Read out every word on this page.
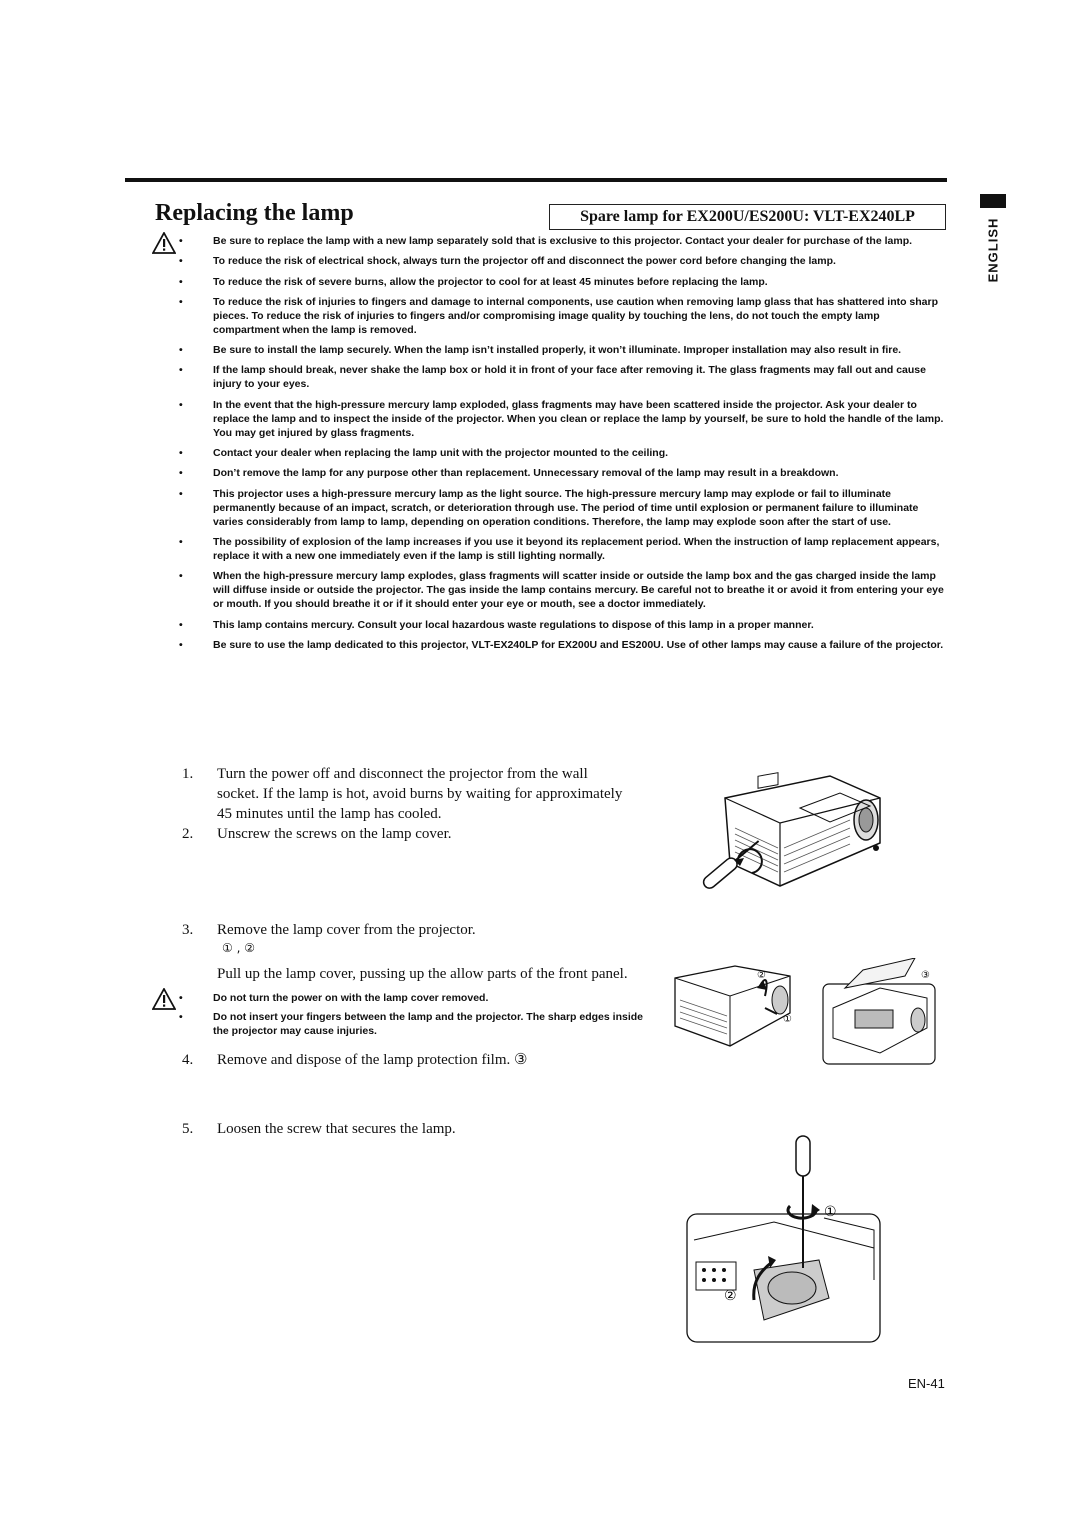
Replacing the lamp	Spare lamp for EX200U/ES200U: VLT-EX240LP
ENGLISH
• Be sure to replace the lamp with a new lamp separately sold that is exclusive to this projector. Contact your dealer for purchase of the lamp.
• To reduce the risk of electrical shock, always turn the projector off and disconnect the power cord before changing the lamp.
• To reduce the risk of severe burns, allow the projector to cool for at least 45 minutes before replacing the lamp.
• To reduce the risk of injuries to fingers and damage to internal components, use caution when removing lamp glass that has shattered into sharp pieces. To reduce the risk of injuries to fingers and/or compromising image quality by touching the lens, do not touch the empty lamp compartment when the lamp is removed.
• Be sure to install the lamp securely. When the lamp isn’t installed properly, it won’t illuminate. Improper installation may also result in fire.
• If the lamp should break, never shake the lamp box or hold it in front of your face after removing it. The glass fragments may fall out and cause injury to your eyes.
• In the event that the high-pressure mercury lamp exploded, glass fragments may have been scattered inside the projector. Ask your dealer to replace the lamp and to inspect the inside of the projector. When you clean or replace the lamp by yourself, be sure to hold the handle of the lamp. You may get injured by glass fragments.
• Contact your dealer when replacing the lamp unit with the projector mounted to the ceiling.
• Don’t remove the lamp for any purpose other than replacement. Unnecessary removal of the lamp may result in a breakdown.
• This projector uses a high-pressure mercury lamp as the light source. The high-pressure mercury lamp may explode or fail to illuminate permanently because of an impact, scratch, or deterioration through use. The period of time until explosion or permanent failure to illuminate varies considerably from lamp to lamp, depending on operation conditions. Therefore, the lamp may explode soon after the start of use.
• The possibility of explosion of the lamp increases if you use it beyond its replacement period. When the instruction of lamp replacement appears, replace it with a new one immediately even if the lamp is still lighting normally.
• When the high-pressure mercury lamp explodes, glass fragments will scatter inside or outside the lamp box and the gas charged inside the lamp will diffuse inside or outside the projector. The gas inside the lamp contains mercury. Be careful not to breathe it or avoid it from entering your eye or mouth. If you should breathe it or if it should enter your eye or mouth, see a doctor immediately.
• This lamp contains mercury. Consult your local hazardous waste regulations to dispose of this lamp in a proper manner.
• Be sure to use the lamp dedicated to this projector, VLT-EX240LP for EX200U and ES200U. Use of other lamps may cause a failure of the projector.
1. Turn the power off and disconnect the projector from the wall
socket. If the lamp is hot, avoid burns by waiting for approximately
45 minutes until the lamp has cooled.
2. Unscrew the screws on the lamp cover.
3. Remove the lamp cover from the projector.
① , ②
Pull up the lamp cover, pussing up the allow parts of the front panel.
• Do not turn the power on with the lamp cover removed.
• Do not insert your fingers between the lamp and the projector. The sharp edges inside the projector may cause injuries.
②
①
③
4. Remove and dispose of the lamp protection film. ③
5. Loosen the screw that secures the lamp.
①
②
EN-41
